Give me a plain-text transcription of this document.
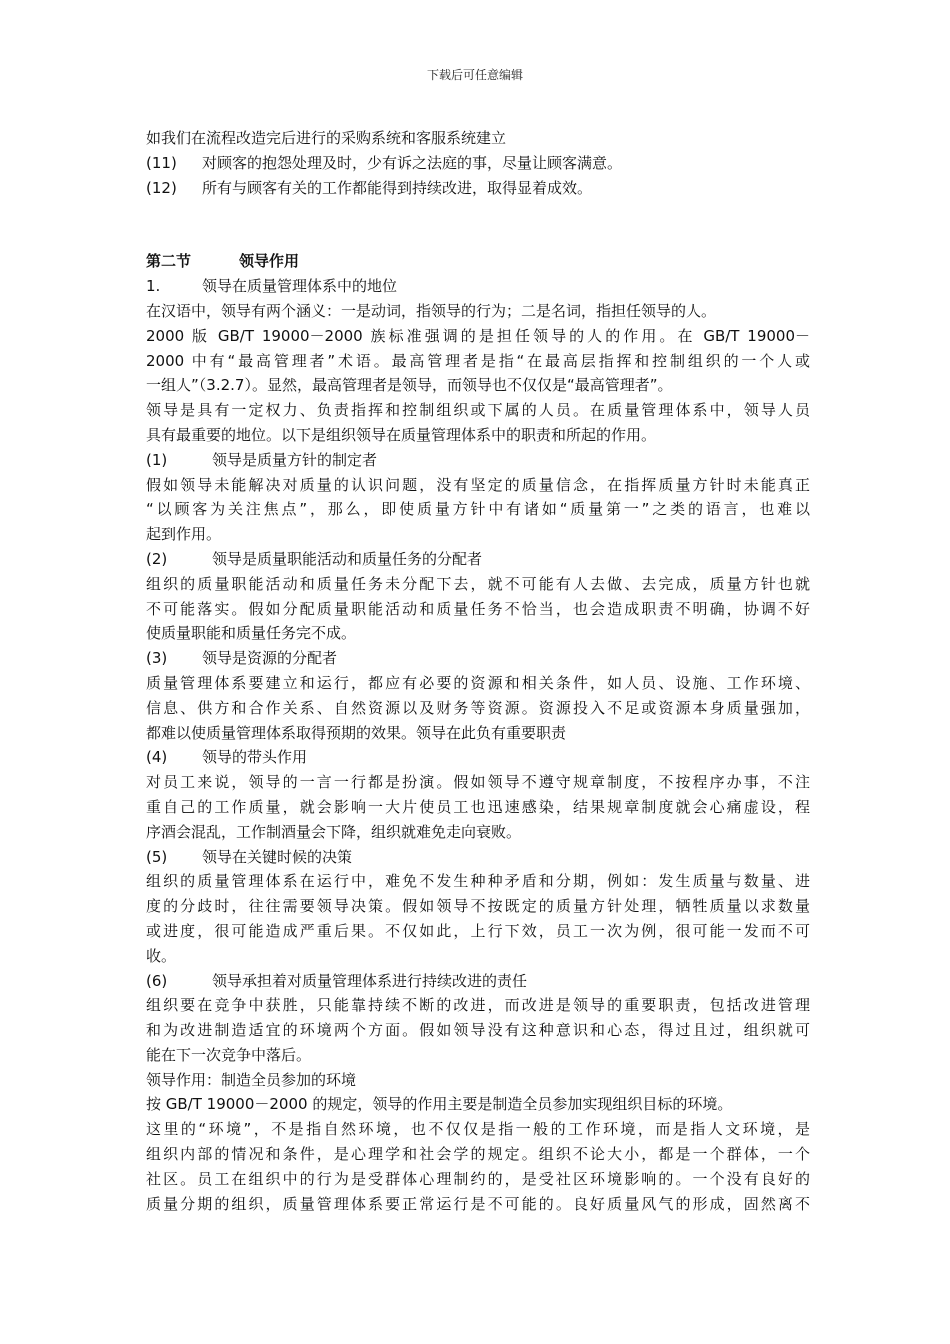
下载后可任意编辑
如我们在流程改造完后进行的采购系统和客服系统建立
(11)	对顾客的抱怨处理及时，少有诉之法庭的事，尽量让顾客满意。
(12)	所有与顾客有关的工作都能得到持续改进，取得显着成效。
第二节	领导作用
1.	领导在质量管理体系中的地位
在汉语中，领导有两个涵义：一是动词，指领导的行为；二是名词，指担任领导的人。
2000 版 GB/T 19000－2000 族标准强调的是担任领导的人的作用。在 GB/T 19000－
2000 中有“最高管理者”术语。最高管理者是指“在最高层指挥和控制组织的一个人或
一组人”（3.2.7）。显然，最高管理者是领导，而领导也不仅仅是“最高管理者”。
领导是具有一定权力、负责指挥和控制组织或下属的人员。在质量管理体系中，领导人员
具有最重要的地位。以下是组织领导在质量管理体系中的职责和所起的作用。
(1)	领导是质量方针的制定者
假如领导未能解决对质量的认识问题，没有坚定的质量信念，在指挥质量方针时未能真正
“以顾客为关注焦点”，那么，即使质量方针中有诸如“质量第一”之类的语言，也难以
起到作用。
(2)	领导是质量职能活动和质量任务的分配者
组织的质量职能活动和质量任务未分配下去，就不可能有人去做、去完成，质量方针也就
不可能落实。假如分配质量职能活动和质量任务不恰当，也会造成职责不明确，协调不好
使质量职能和质量任务完不成。
(3)	领导是资源的分配者
质量管理体系要建立和运行，都应有必要的资源和相关条件，如人员、设施、工作环境、
信息、供方和合作关系、自然资源以及财务等资源。资源投入不足或资源本身质量强加，
都难以使质量管理体系取得预期的效果。领导在此负有重要职责
(4)	领导的带头作用
对员工来说，领导的一言一行都是扮演。假如领导不遵守规章制度，不按程序办事，不注
重自己的工作质量，就会影响一大片使员工也迅速感染，结果规章制度就会心痛虚设，程
序酒会混乱，工作制酒量会下降，组织就难免走向衰败。
(5)	领导在关键时候的决策
组织的质量管理体系在运行中，难免不发生种种矛盾和分期，例如：发生质量与数量、进
度的分歧时，往往需要领导决策。假如领导不按既定的质量方针处理，牺牲质量以求数量
或进度，很可能造成严重后果。不仅如此，上行下效，员工一次为例，很可能一发而不可
收。
(6)	领导承担着对质量管理体系进行持续改进的责任
组织要在竞争中获胜，只能靠持续不断的改进，而改进是领导的重要职责，包括改进管理
和为改进制造适宜的环境两个方面。假如领导没有这种意识和心态，得过且过，组织就可
能在下一次竞争中落后。
领导作用：制造全员参加的环境
按 GB/T 19000－2000 的规定，领导的作用主要是制造全员参加实现组织目标的环境。
这里的“环境”，不是指自然环境，也不仅仅是指一般的工作环境，而是指人文环境，是
组织内部的情况和条件，是心理学和社会学的规定。组织不论大小，都是一个群体，一个
社区。员工在组织中的行为是受群体心理制约的，是受社区环境影响的。一个没有良好的
质量分期的组织，质量管理体系要正常运行是不可能的。良好质量风气的形成，固然离不
